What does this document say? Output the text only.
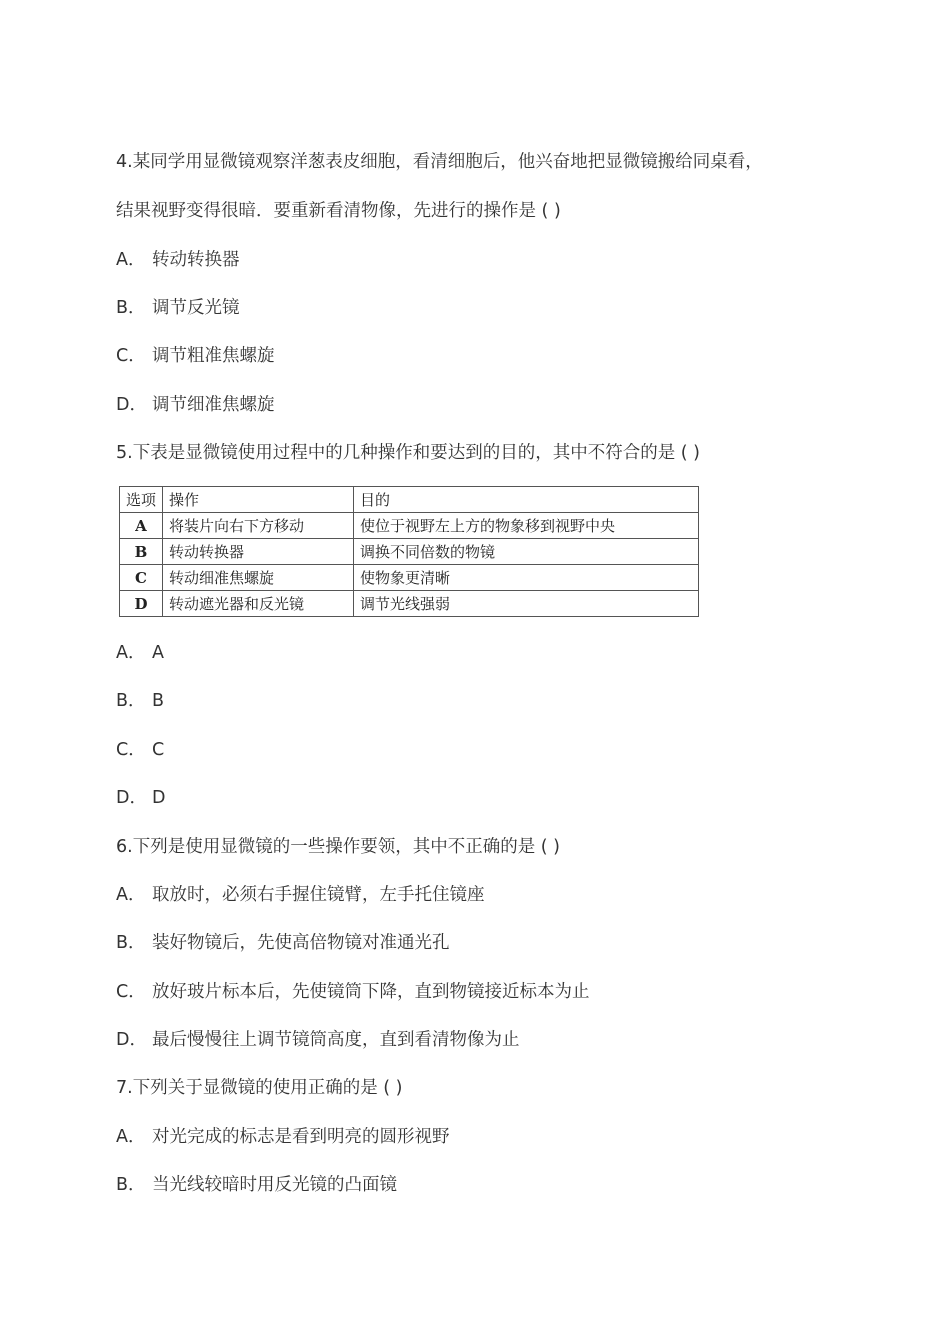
4.某同学用显微镜观察洋葱表皮细胞，看清细胞后，他兴奋地把显微镜搬给同桌看，
结果视野变得很暗．要重新看清物像，先进行的操作是 ( )
A． 转动转换器
B． 调节反光镜
C． 调节粗准焦螺旋
D． 调节细准焦螺旋
5.下表是显微镜使用过程中的几种操作和要达到的目的，其中不符合的是 ( )
选项	操作	目的
A	将装片向右下方移动	使位于视野左上方的物象移到视野中央
B	转动转换器	调换不同倍数的物镜
C	转动细准焦螺旋	使物象更清晰
D	转动遮光器和反光镜	调节光线强弱
A． A
B． B
C． C
D． D
6.下列是使用显微镜的一些操作要领，其中不正确的是 ( )
A． 取放时，必须右手握住镜臂，左手托住镜座
B． 装好物镜后，先使高倍物镜对准通光孔
C． 放好玻片标本后，先使镜筒下降，直到物镜接近标本为止
D． 最后慢慢往上调节镜筒高度，直到看清物像为止
7.下列关于显微镜的使用正确的是 ( )
A． 对光完成的标志是看到明亮的圆形视野
B． 当光线较暗时用反光镜的凸面镜
